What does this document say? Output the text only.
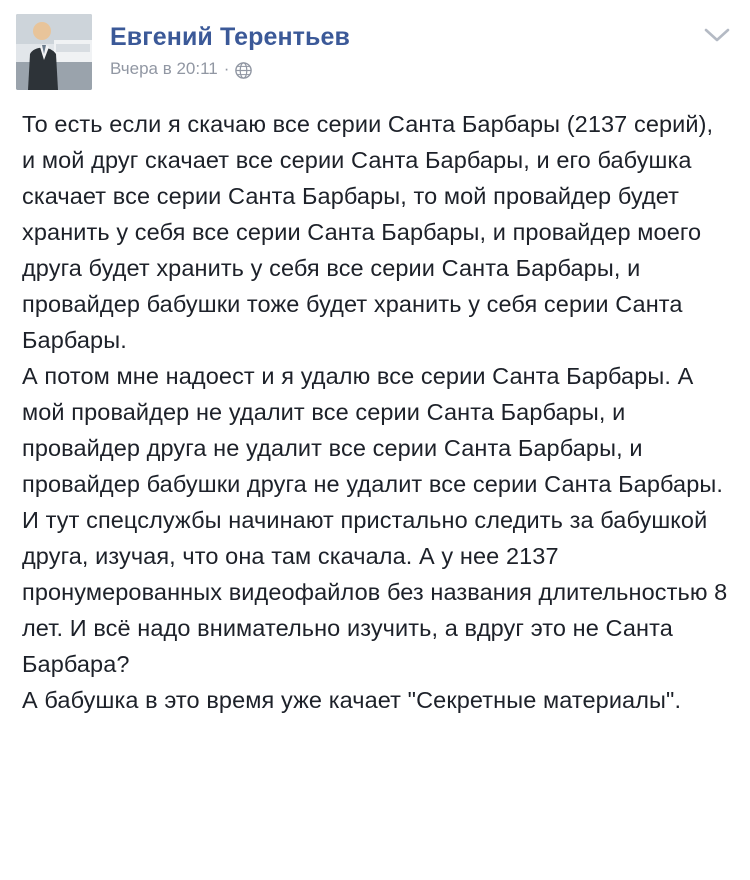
Евгений Терентьев
Вчера в 20:11 ·

То есть если я скачаю все серии Санта Барбары (2137 серий), и мой друг скачает все серии Санта Барбары, и его бабушка скачает все серии Санта Барбары, то мой провайдер будет хранить у себя все серии Санта Барбары, и провайдер моего друга будет хранить у себя все серии Санта Барбары, и провайдер бабушки тоже будет хранить у себя серии Санта Барбары.

А потом мне надоест и я удалю все серии Санта Барбары. А мой провайдер не удалит все серии Санта Барбары, и провайдер друга не удалит все серии Санта Барбары, и провайдер бабушки друга не удалит все серии Санта Барбары.

И тут спецслужбы начинают пристально следить за бабушкой друга, изучая, что она там скачала. А у нее 2137 пронумерованных видеофайлов без названия длительностью 8 лет. И всё надо внимательно изучить, а вдруг это не Санта Барбара?

А бабушка в это время уже качает "Секретные материалы".
